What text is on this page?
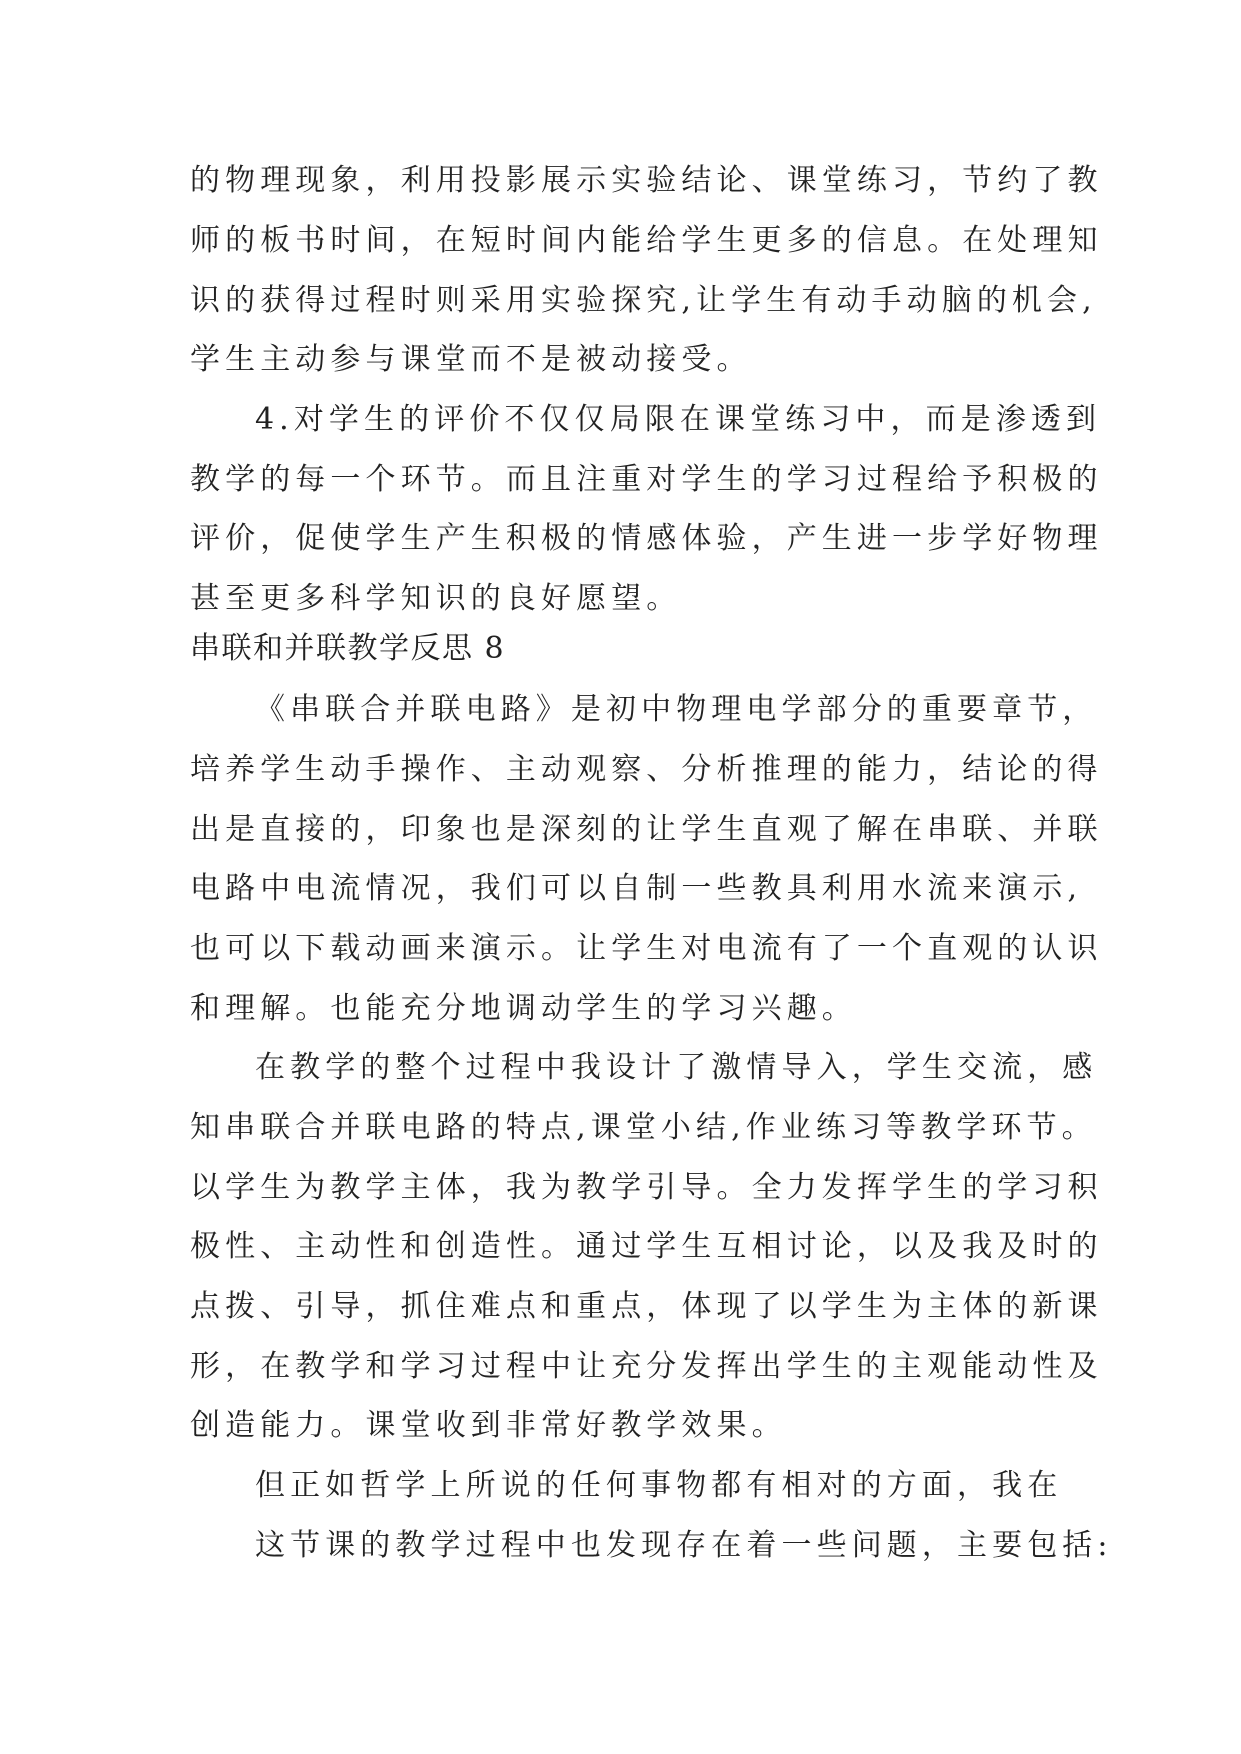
的物理现象，利用投影展示实验结论、课堂练习，节约了教
师的板书时间，在短时间内能给学生更多的信息。在处理知
识的获得过程时则采用实验探究,让学生有动手动脑的机会,
学生主动参与课堂而不是被动接受。
4.对学生的评价不仅仅局限在课堂练习中，而是渗透到
教学的每一个环节。而且注重对学生的学习过程给予积极的
评价，促使学生产生积极的情感体验，产生进一步学好物理
甚至更多科学知识的良好愿望。
串联和并联教学反思 8
《串联合并联电路》是初中物理电学部分的重要章节，
培养学生动手操作、主动观察、分析推理的能力，结论的得
出是直接的，印象也是深刻的让学生直观了解在串联、并联
电路中电流情况，我们可以自制一些教具利用水流来演示,
也可以下载动画来演示。让学生对电流有了一个直观的认识
和理解。也能充分地调动学生的学习兴趣。
在教学的整个过程中我设计了激情导入，学生交流，感
知串联合并联电路的特点,课堂小结,作业练习等教学环节。
以学生为教学主体，我为教学引导。全力发挥学生的学习积
极性、主动性和创造性。通过学生互相讨论，以及我及时的
点拨、引导，抓住难点和重点，体现了以学生为主体的新课
形，在教学和学习过程中让充分发挥出学生的主观能动性及
创造能力。课堂收到非常好教学效果。
但正如哲学上所说的任何事物都有相对的方面，我在
这节课的教学过程中也发现存在着一些问题，主要包括:
